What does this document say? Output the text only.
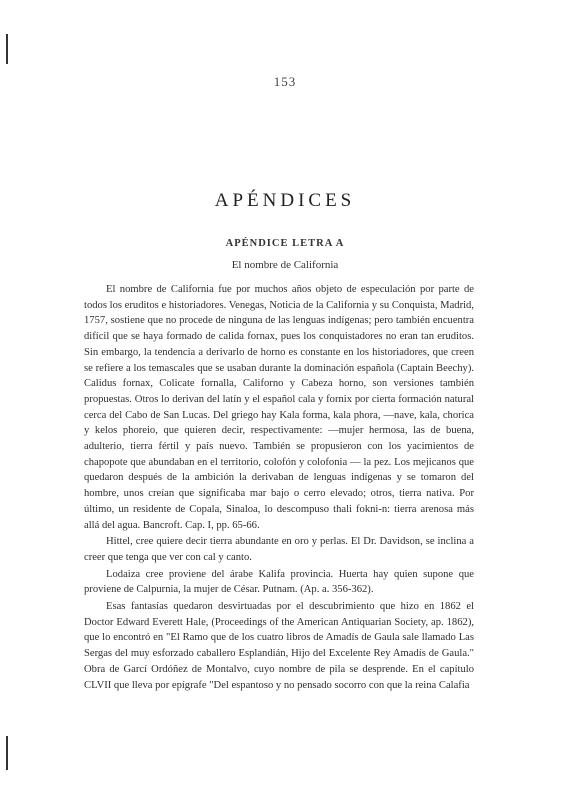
153
APÉNDICES
APÉNDICE LETRA A
El nombre de California

El nombre de California fue por muchos años objeto de especulación por parte de todos los eruditos e historiadores. Venegas, Noticia de la California y su Conquista, Madrid, 1757, sostiene que no procede de ninguna de las lenguas indígenas; pero también encuentra difícil que se haya formado de calida fornax, pues los conquistadores no eran tan eruditos. Sin embargo, la tendencia a derivarlo de horno es constante en los historiadores, que creen se refiere a los temascales que se usaban durante la dominación española (Captain Beechy). Calidus fornax, Colicate fornalla, Californo y Cabeza horno, son versiones también propuestas. Otros lo derivan del latín y el español cala y fornix por cierta formación natural cerca del Cabo de San Lucas. Del griego hay Kala forma, kala phora, —nave, kala, chorica y kelos phoreio, que quieren decir, respectivamente: —mujer hermosa, las de buena, adulterio, tierra fértil y país nuevo. También se propusieron con los yacimientos de chapopote que abundaban en el territorio, colofón y colofonia — la pez. Los mejicanos que quedaron después de la ambición la derivaban de lenguas indígenas y se tomaron del hombre, unos creían que significaba mar bajo o cerro elevado; otros, tierra nativa. Por último, un residente de Copala, Sinaloa, lo descompuso thali fokni-n: tierra arenosa más allá del agua. Bancroft. Cap. I, pp. 65-66.

Hittel, cree quiere decir tierra abundante en oro y perlas. El Dr. Davidson, se inclina a creer que tenga que ver con cal y canto.

Lodaiza cree proviene del árabe Kalifa provincia. Huerta hay quien supone que proviene de Calpurnia, la mujer de César. Putnam. (Ap. a. 356-362).

Esas fantasías quedaron desvirtuadas por el descubrimiento que hizo en 1862 el Doctor Edward Everett Hale, (Proceedings of the American Antiquarian Society, ap. 1862), que lo encontró en "El Ramo que de los cuatro libros de Amadís de Gaula sale llamado Las Sergas del muy esforzado caballero Esplandián, Hijo del Excelente Rey Amadís de Gaula." Obra de Garcí Ordóñez de Montalvo, cuyo nombre de pila se desprende. En el capítulo CLVII que lleva por epígrafe "Del espantoso y no pensado socorro con que la reina Calafia
